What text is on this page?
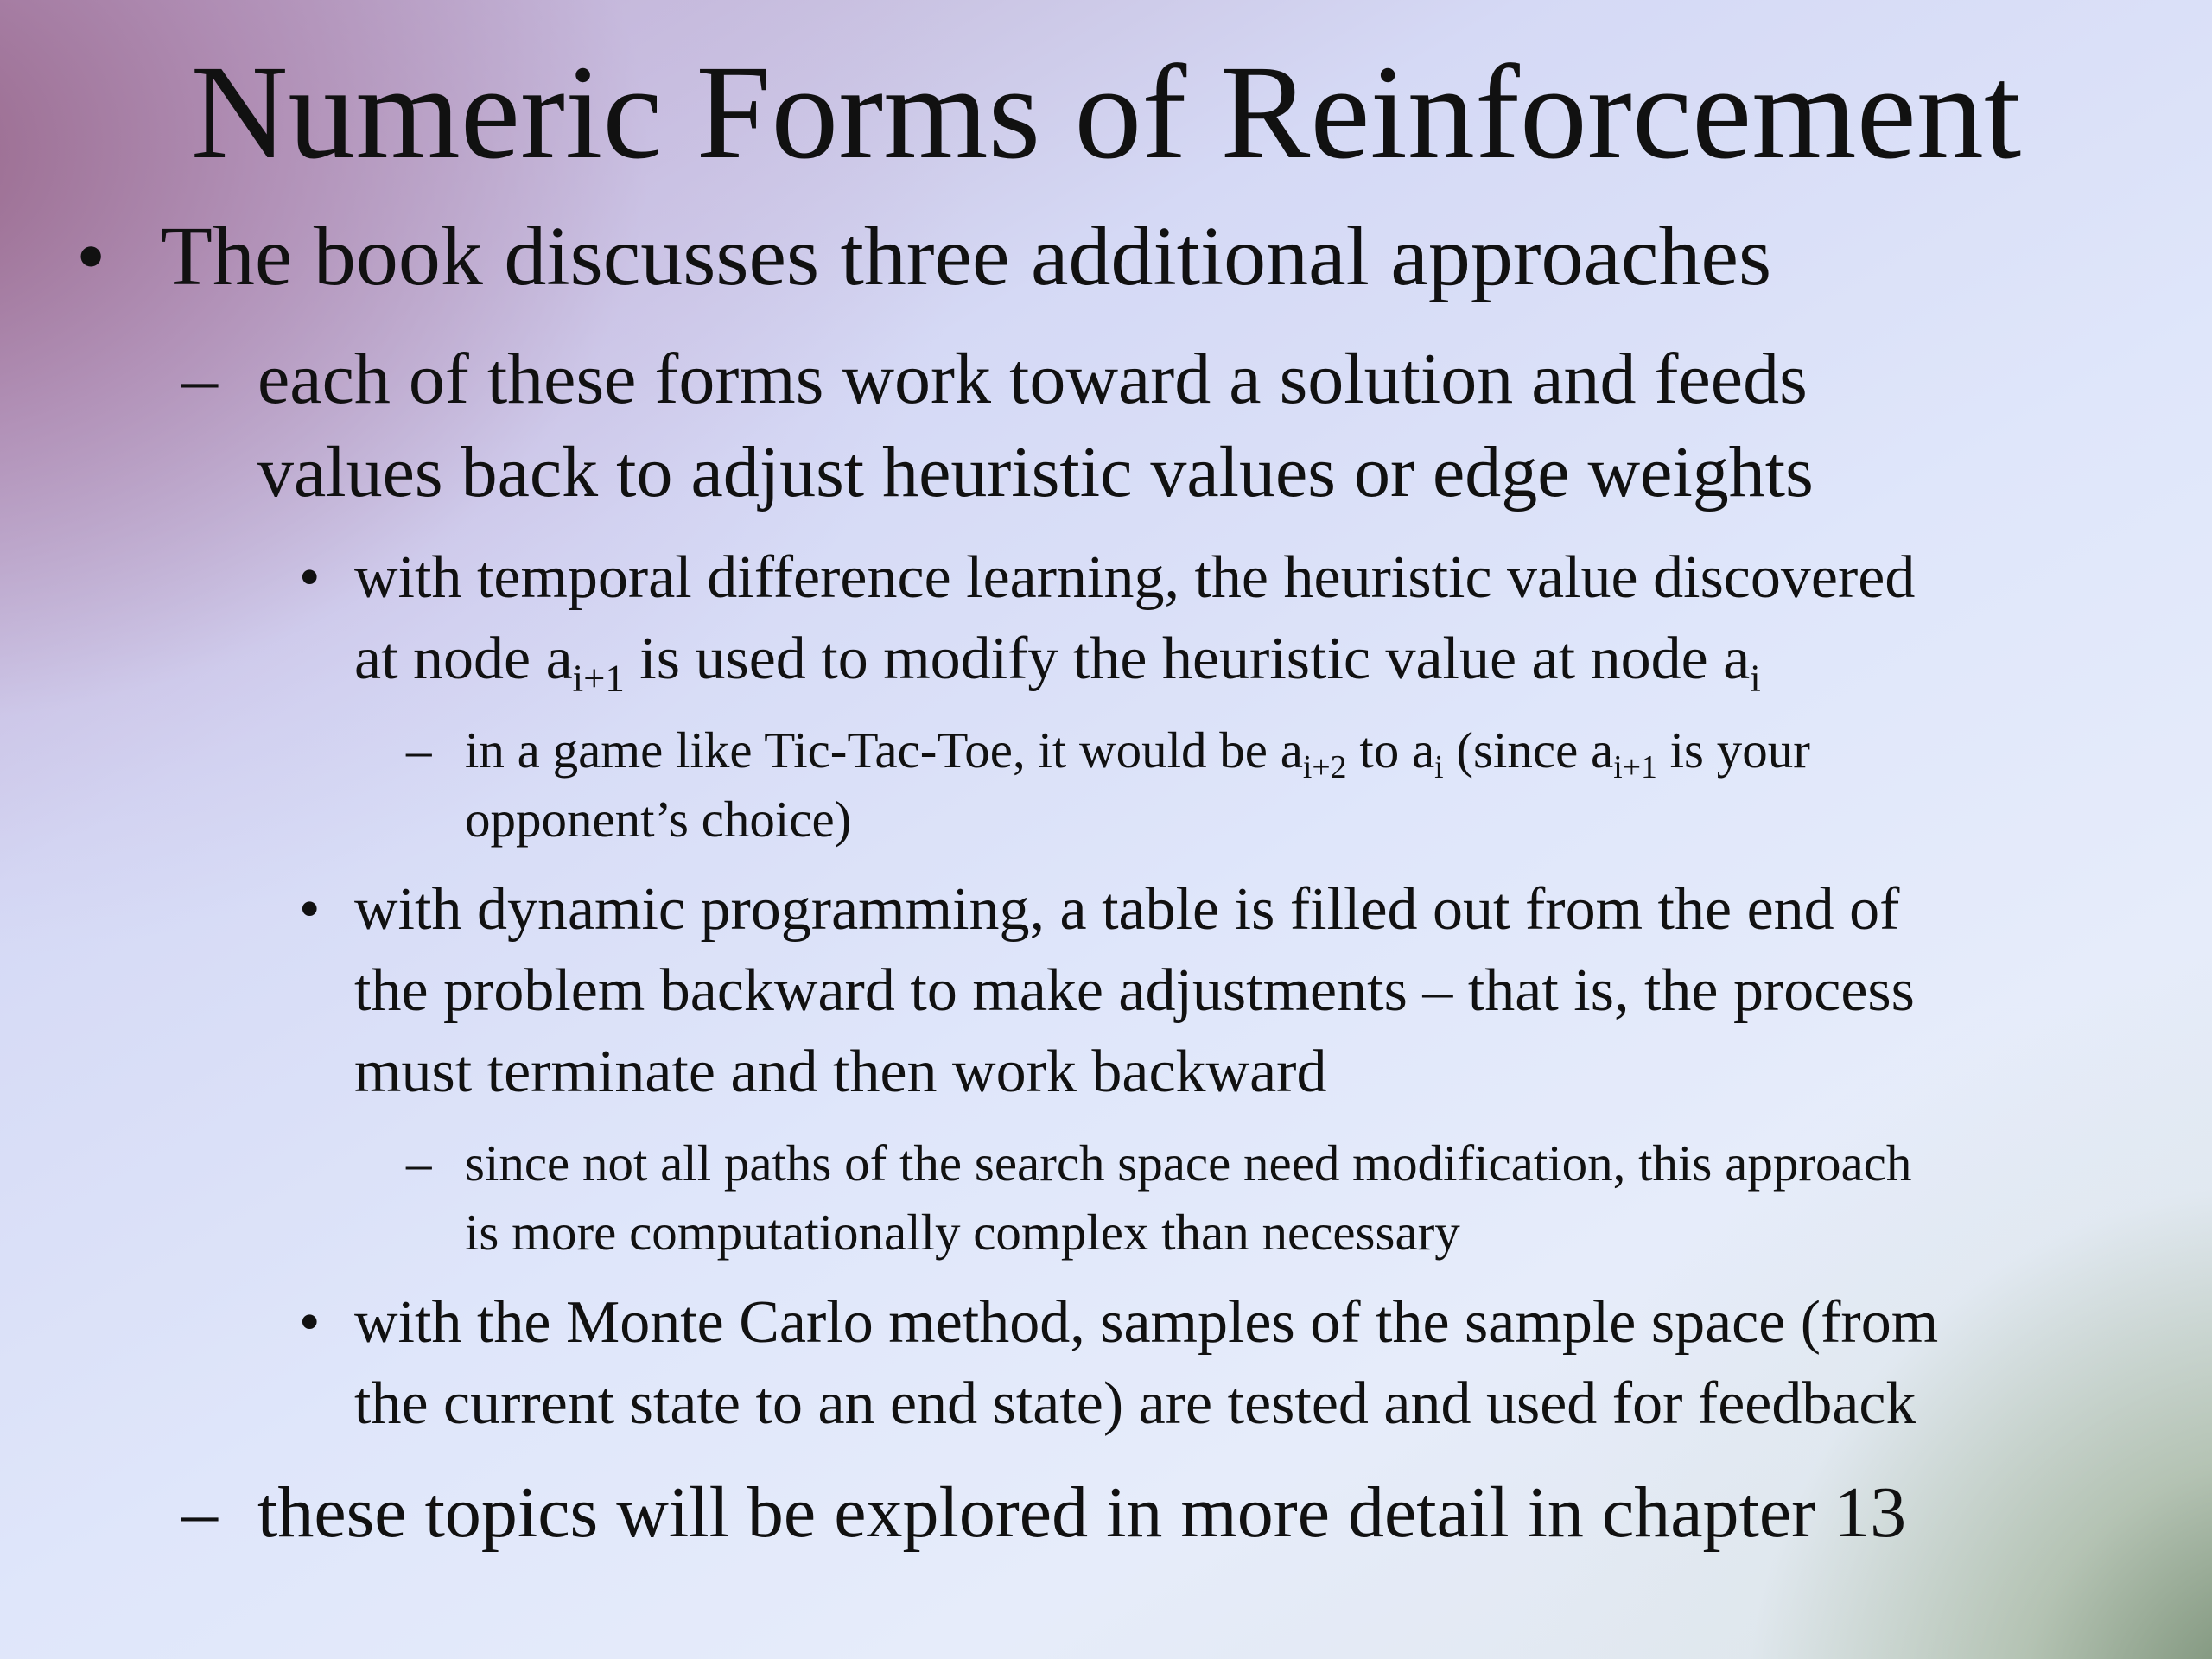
Numeric Forms of Reinforcement
• The book discusses three additional approaches
– each of these forms work toward a solution and feeds
values back to adjust heuristic values or edge weights
• with temporal difference learning, the heuristic value discovered
at node $a_{i+1}$ is used to modify the heuristic value at node $a_i$
– in a game like Tic-Tac-Toe, it would be $a_{i+2}$ to $a_i$ (since $a_{i+1}$ is your
opponent’s choice)
• with dynamic programming, a table is filled out from the end of
the problem backward to make adjustments – that is, the process
must terminate and then work backward
– since not all paths of the search space need modification, this approach
is more computationally complex than necessary
• with the Monte Carlo method, samples of the sample space (from
the current state to an end state) are tested and used for feedback
– these topics will be explored in more detail in chapter 13
